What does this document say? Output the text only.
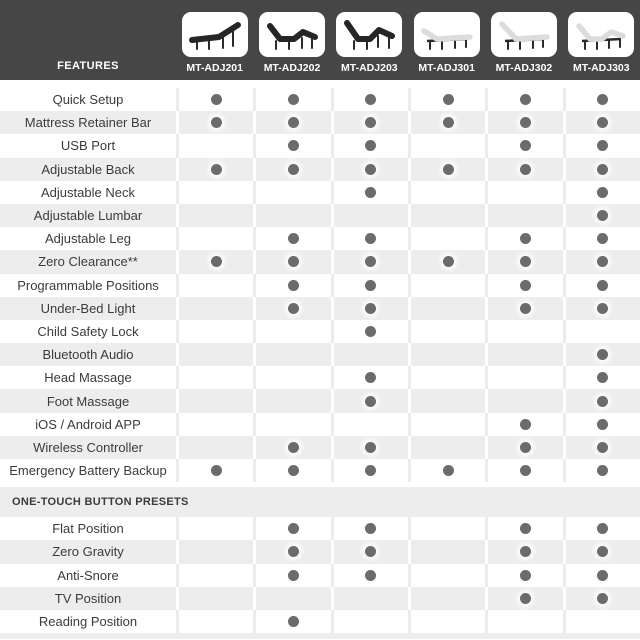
FEATURES	MT-ADJ201 MT-ADJ202 MT-ADJ203 MT-ADJ301 MT-ADJ302 MT-ADJ303
Quick Setup
Mattress Retainer Bar
USB Port
Adjustable Back
Adjustable Neck
Adjustable Lumbar
Adjustable Leg
Zero Clearance**
Programmable Positions
Under-Bed Light
Child Safety Lock
Bluetooth Audio
Head Massage
Foot Massage
iOS / Android APP
Wireless Controller
Emergency Battery Backup
ONE-TOUCH BUTTON PRESETS
Flat Position
Zero Gravity
Anti-Snore
TV Position
Reading Position
